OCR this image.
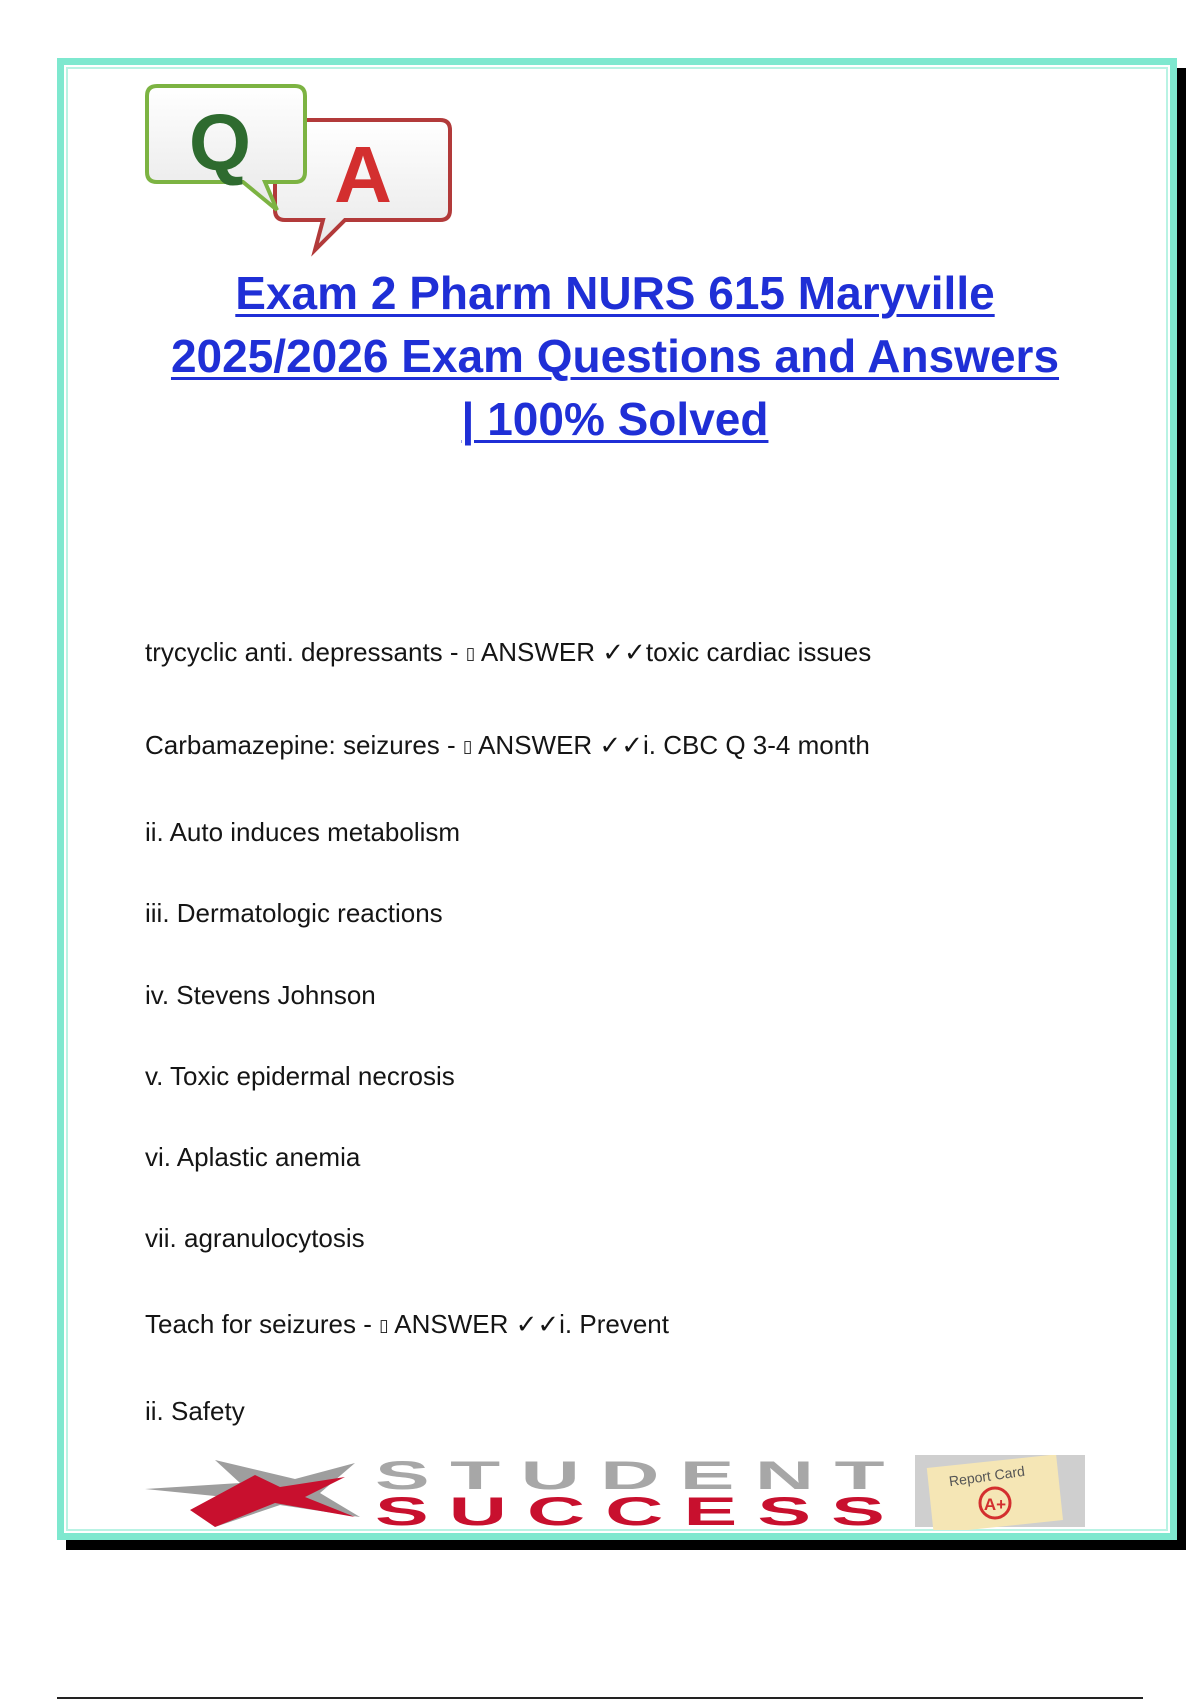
A
Q
Exam 2 Pharm NURS 615 Maryville
2025/2026 Exam Questions and Answers
| 100% Solved
trycyclic anti. depressants - ▯ ANSWER ✓✓toxic cardiac issues
Carbamazepine: seizures - ▯ ANSWER ✓✓i. CBC Q 3-4 month
ii. Auto induces metabolism
iii. Dermatologic reactions
iv. Stevens Johnson
v. Toxic epidermal necrosis
vi. Aplastic anemia
vii. agranulocytosis
Teach for seizures - ▯ ANSWER ✓✓i. Prevent
ii. Safety
STUDENT
SUCCESS
Report Card
A+
